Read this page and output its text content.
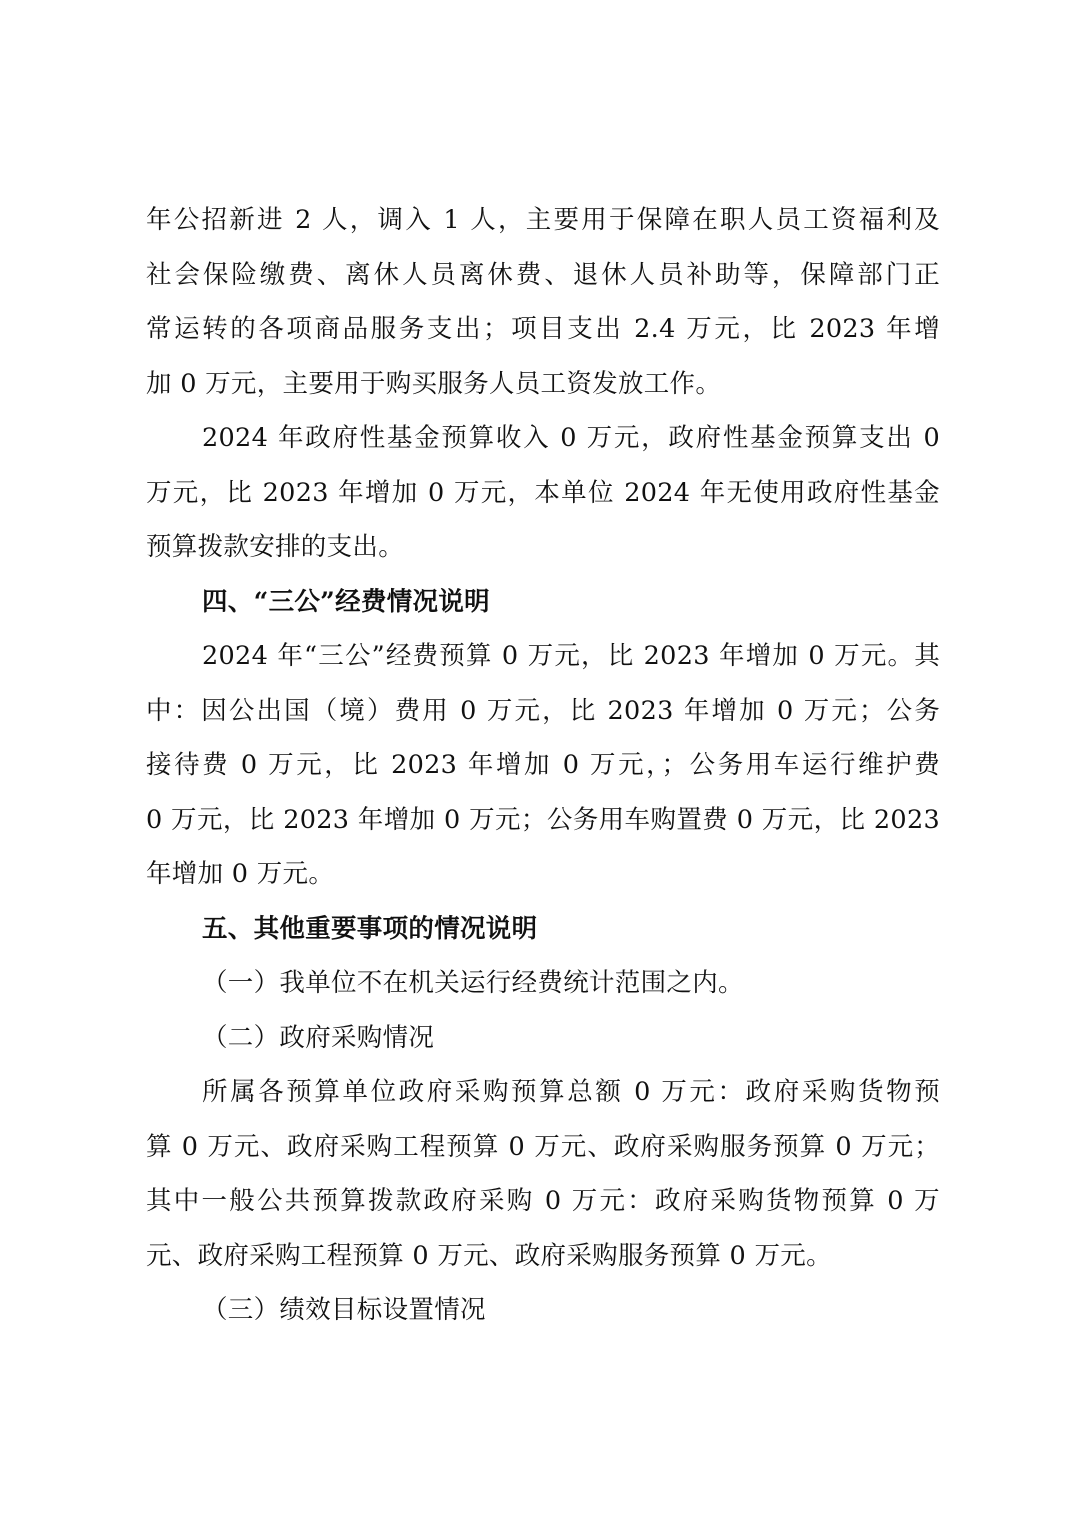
年公招新进 2 人，调入 1 人，主要用于保障在职人员工资福利及
社会保险缴费、离休人员离休费、退休人员补助等，保障部门正
常运转的各项商品服务支出；项目支出 2.4 万元，比 2023 年增
加 0 万元，主要用于购买服务人员工资发放工作。
2024 年政府性基金预算收入 0 万元，政府性基金预算支出 0
万元，比 2023 年增加 0 万元，本单位 2024 年无使用政府性基金
预算拨款安排的支出。
四、“三公”经费情况说明
2024 年“三公”经费预算 0 万元，比 2023 年增加 0 万元。其
中：因公出国（境）费用 0 万元，比 2023 年增加 0 万元；公务
接待费 0 万元，比 2023 年增加 0 万元，；公务用车运行维护费
0 万元，比 2023 年增加 0 万元；公务用车购置费 0 万元，比 2023
年增加 0 万元。
五、其他重要事项的情况说明
（一）我单位不在机关运行经费统计范围之内。
（二）政府采购情况
所属各预算单位政府采购预算总额 0 万元：政府采购货物预
算 0 万元、政府采购工程预算 0 万元、政府采购服务预算 0 万元；
其中一般公共预算拨款政府采购 0 万元：政府采购货物预算 0 万
元、政府采购工程预算 0 万元、政府采购服务预算 0 万元。
（三）绩效目标设置情况
